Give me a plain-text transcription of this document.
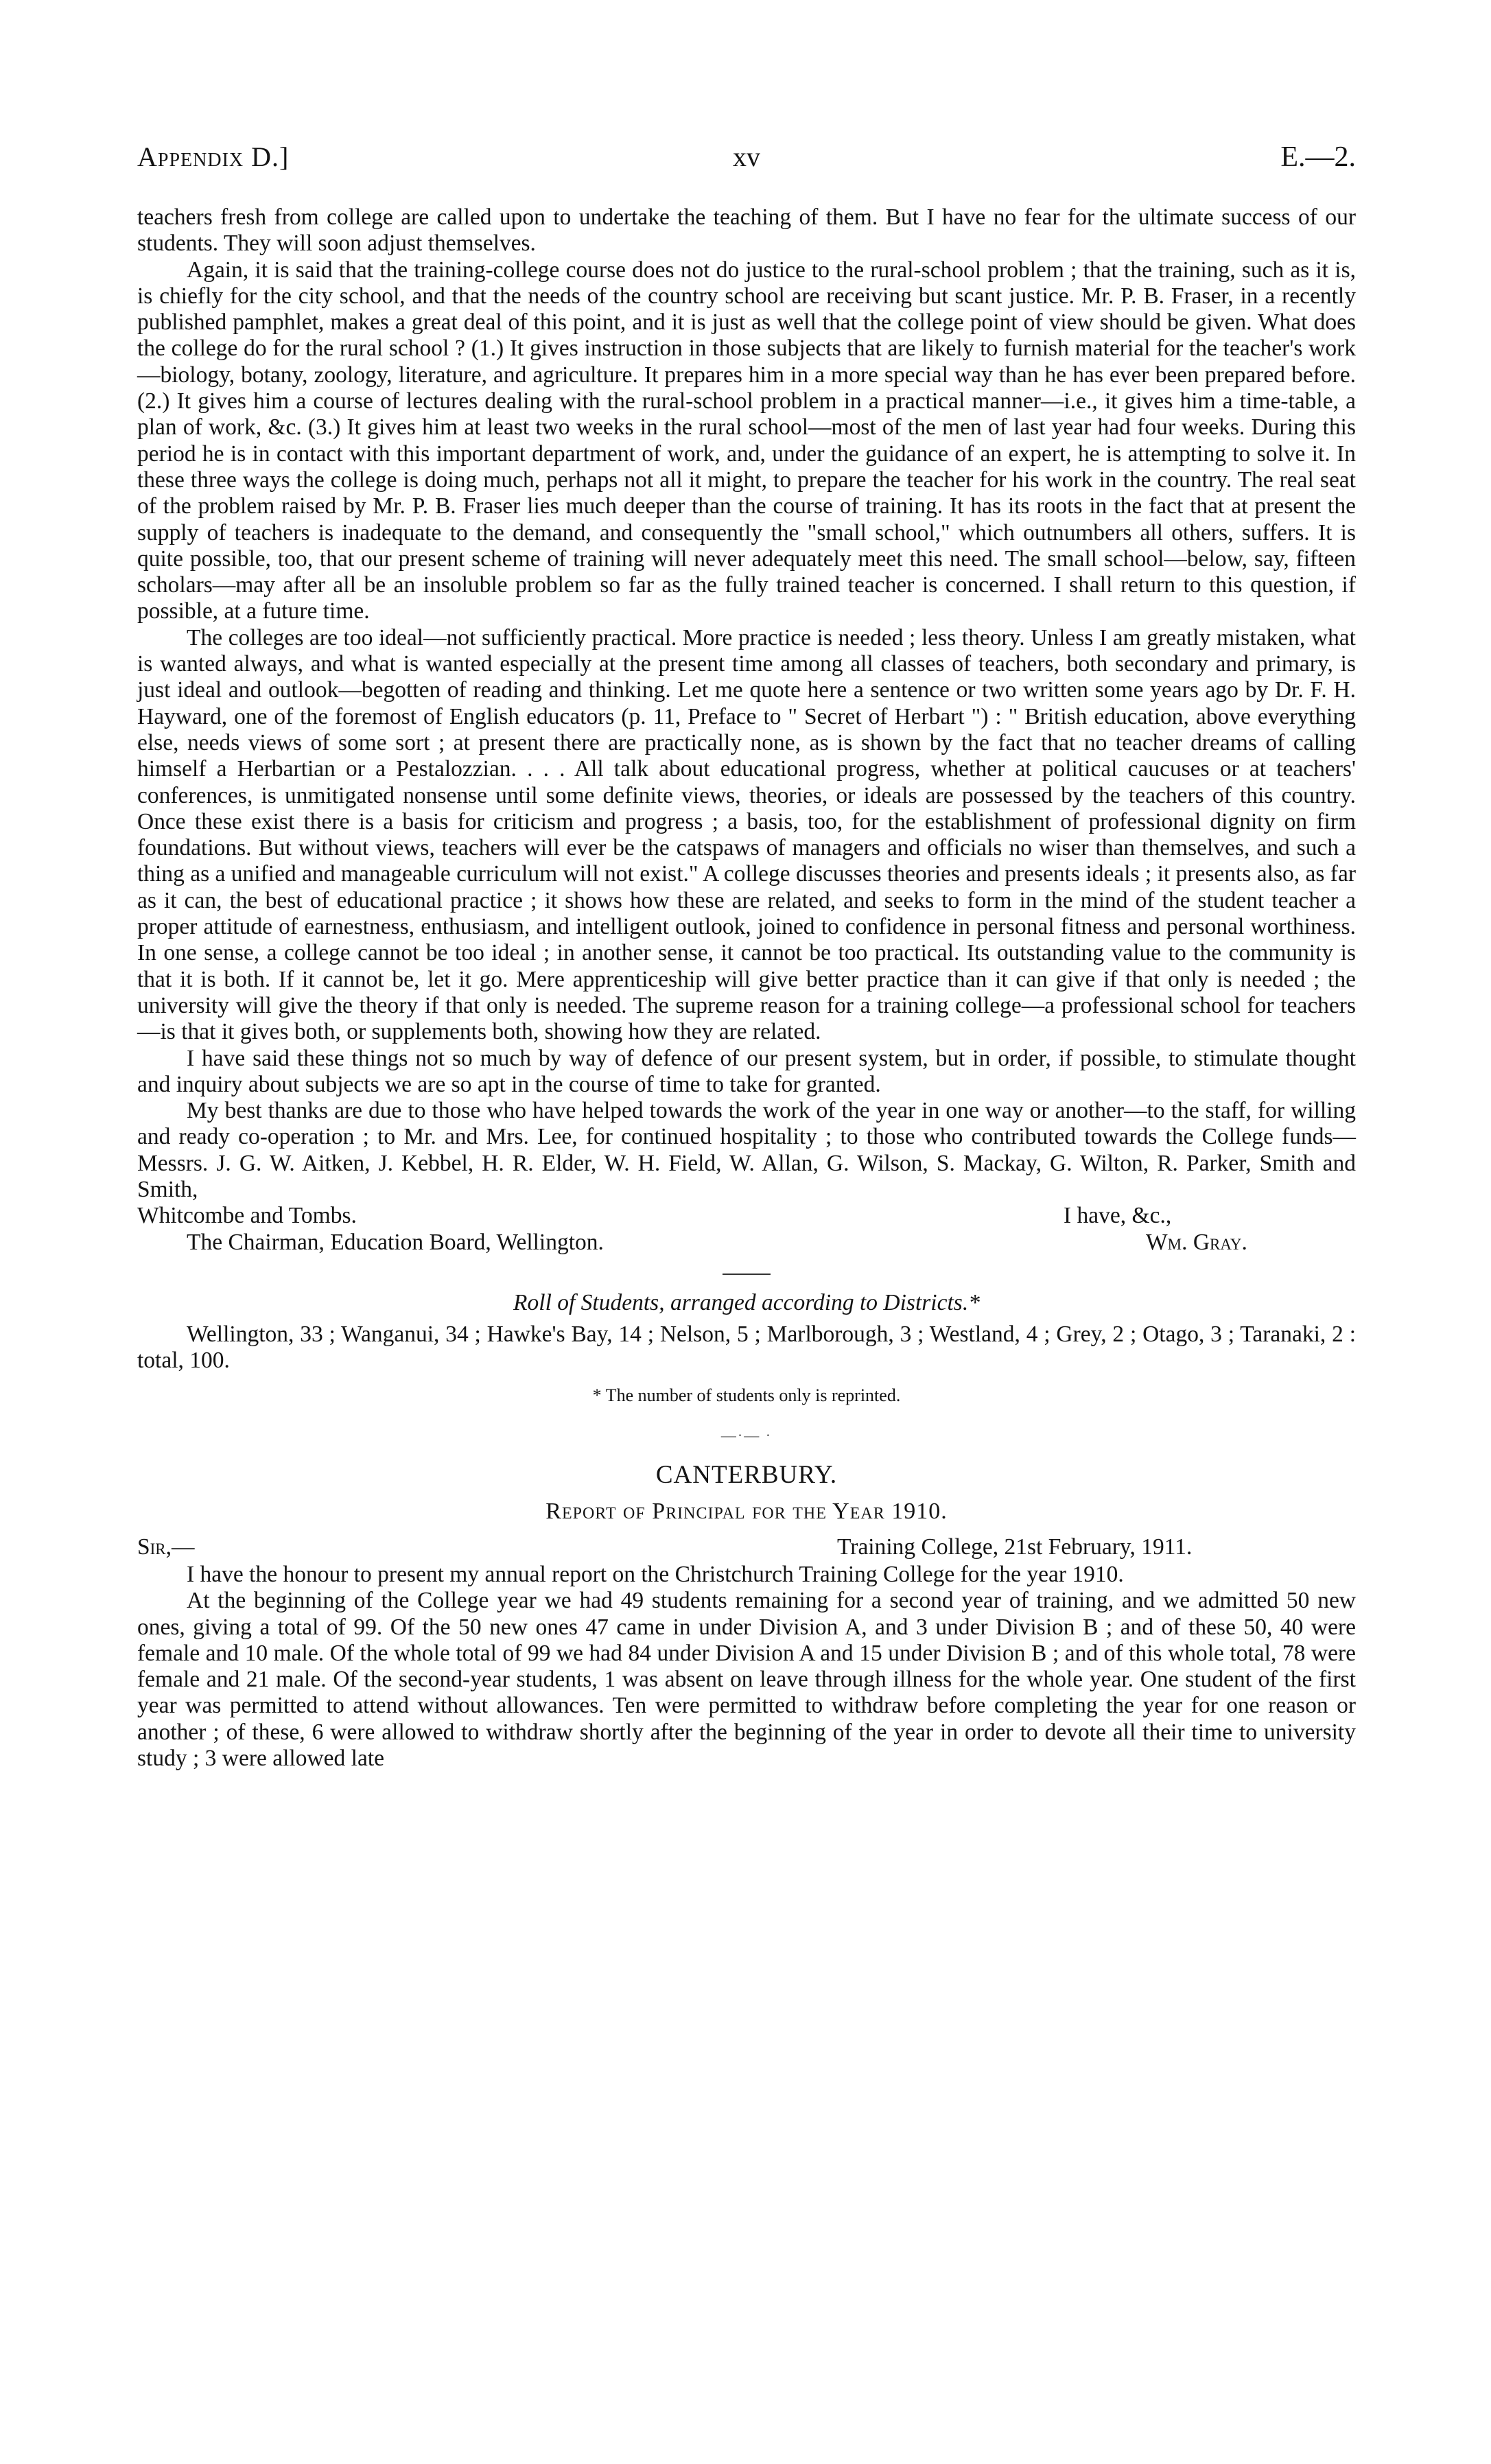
Appendix D.]	xv	E.—2.

teachers fresh from college are called upon to undertake the teaching of them. But I have no fear for the ultimate success of our students. They will soon adjust themselves.

Again, it is said that the training-college course does not do justice to the rural-school problem ; that the training, such as it is, is chiefly for the city school, and that the needs of the country school are receiving but scant justice. Mr. P. B. Fraser, in a recently published pamphlet, makes a great deal of this point, and it is just as well that the college point of view should be given. What does the college do for the rural school ? (1.) It gives instruction in those subjects that are likely to furnish material for the teacher's work—biology, botany, zoology, literature, and agriculture. It prepares him in a more special way than he has ever been prepared before. (2.) It gives him a course of lectures dealing with the rural-school problem in a practical manner—i.e., it gives him a time-table, a plan of work, &c. (3.) It gives him at least two weeks in the rural school—most of the men of last year had four weeks. During this period he is in contact with this important department of work, and, under the guidance of an expert, he is attempting to solve it. In these three ways the college is doing much, perhaps not all it might, to prepare the teacher for his work in the country. The real seat of the problem raised by Mr. P. B. Fraser lies much deeper than the course of training. It has its roots in the fact that at present the supply of teachers is inadequate to the demand, and consequently the "small school," which outnumbers all others, suffers. It is quite possible, too, that our present scheme of training will never adequately meet this need. The small school—below, say, fifteen scholars—may after all be an insoluble problem so far as the fully trained teacher is concerned. I shall return to this question, if possible, at a future time.

The colleges are too ideal—not sufficiently practical. More practice is needed ; less theory. Unless I am greatly mistaken, what is wanted always, and what is wanted especially at the present time among all classes of teachers, both secondary and primary, is just ideal and outlook—begotten of reading and thinking. Let me quote here a sentence or two written some years ago by Dr. F. H. Hayward, one of the foremost of English educators (p. 11, Preface to " Secret of Herbart ") : " British education, above everything else, needs views of some sort ; at present there are practically none, as is shown by the fact that no teacher dreams of calling himself a Herbartian or a Pestalozzian. . . . All talk about educational progress, whether at political caucuses or at teachers' conferences, is unmitigated nonsense until some definite views, theories, or ideals are possessed by the teachers of this country. Once these exist there is a basis for criticism and progress ; a basis, too, for the establishment of professional dignity on firm foundations. But without views, teachers will ever be the catspaws of managers and officials no wiser than themselves, and such a thing as a unified and manageable curriculum will not exist." A college discusses theories and presents ideals ; it presents also, as far as it can, the best of educational practice ; it shows how these are related, and seeks to form in the mind of the student teacher a proper attitude of earnestness, enthusiasm, and intelligent outlook, joined to confidence in personal fitness and personal worthiness. In one sense, a college cannot be too ideal ; in another sense, it cannot be too practical. Its outstanding value to the community is that it is both. If it cannot be, let it go. Mere apprenticeship will give better practice than it can give if that only is needed ; the university will give the theory if that only is needed. The supreme reason for a training college—a professional school for teachers—is that it gives both, or supplements both, showing how they are related.

I have said these things not so much by way of defence of our present system, but in order, if possible, to stimulate thought and inquiry about subjects we are so apt in the course of time to take for granted.

My best thanks are due to those who have helped towards the work of the year in one way or another—to the staff, for willing and ready co-operation ; to Mr. and Mrs. Lee, for continued hospitality ; to those who contributed towards the College funds—Messrs. J. G. W. Aitken, J. Kebbel, H. R. Elder, W. H. Field, W. Allan, G. Wilson, S. Mackay, G. Wilton, R. Parker, Smith and Smith,

Whitcombe and Tombs.	I have, &c.,
The Chairman, Education Board, Wellington.	Wm. Gray.
Roll of Students, arranged according to Districts.*

Wellington, 33 ; Wanganui, 34 ; Hawke's Bay, 14 ; Nelson, 5 ; Marlborough, 3 ; Westland, 4 ; Grey, 2 ; Otago, 3 ; Taranaki, 2 : total, 100.

* The number of students only is reprinted.
—·— ·
CANTERBURY.
Report of Principal for the Year 1910.
Sir,—	Training College, 21st February, 1911.

I have the honour to present my annual report on the Christchurch Training College for the year 1910.

At the beginning of the College year we had 49 students remaining for a second year of training, and we admitted 50 new ones, giving a total of 99. Of the 50 new ones 47 came in under Division A, and 3 under Division B ; and of these 50, 40 were female and 10 male. Of the whole total of 99 we had 84 under Division A and 15 under Division B ; and of this whole total, 78 were female and 21 male. Of the second-year students, 1 was absent on leave through illness for the whole year. One student of the first year was permitted to attend without allowances. Ten were permitted to withdraw before completing the year for one reason or another ; of these, 6 were allowed to withdraw shortly after the beginning of the year in order to devote all their time to university study ; 3 were allowed late
